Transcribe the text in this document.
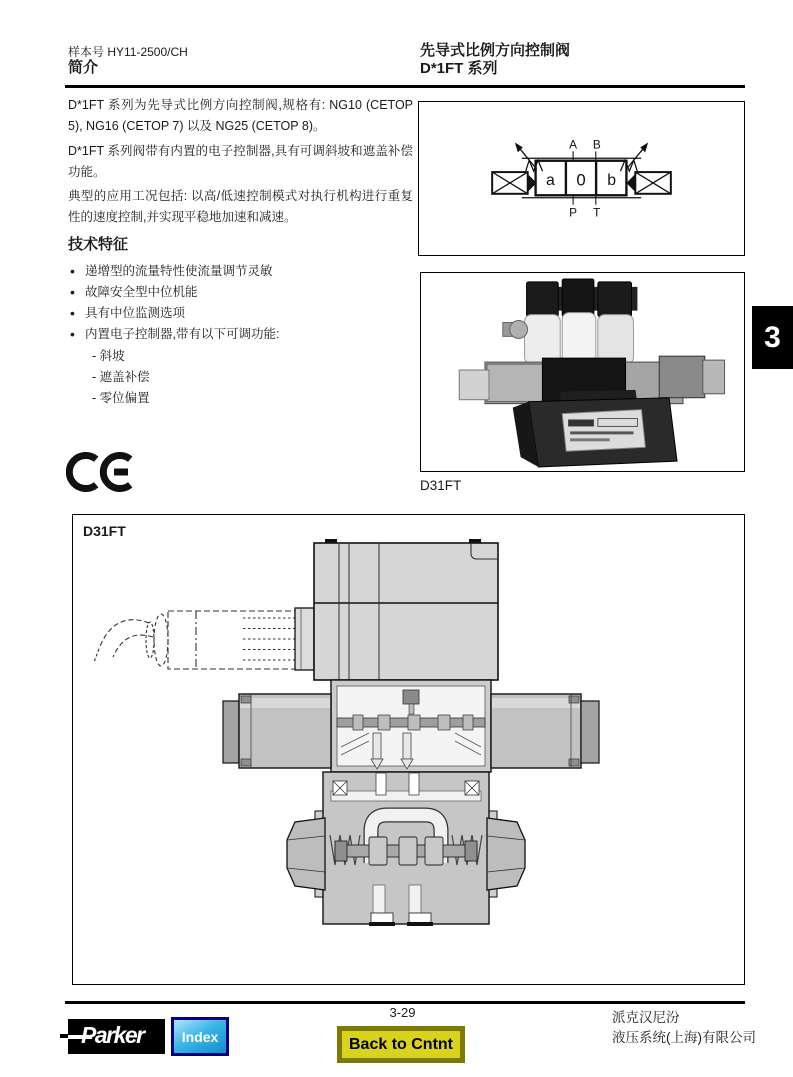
样本号 HY11-2500/CH
简介
先导式比例方向控制阀
D*1FT 系列

D*1FT 系列为先导式比例方向控制阀,规格有: NG10 (CETOP 5), NG16 (CETOP 7) 以及 NG25 (CETOP 8)。

D*1FT 系列阀带有内置的电子控制器,具有可调斜坡和遮盖补偿功能。

典型的应用工况包括: 以高/低速控制模式对执行机构进行重复性的速度控制,并实现平稳地加速和减速。

技术特征
• 递增型的流量特性使流量调节灵敏
• 故障安全型中位机能
• 具有中位监测选项
• 内置电子控制器,带有以下可调功能:
- 斜坡
- 遮盖补偿
- 零位偏置
a 0 b
A B
P T
D31FT
3
D31FT
Parker	Index
3-29
Back to Cntnt
派克汉尼汾
液压系统(上海)有限公司
